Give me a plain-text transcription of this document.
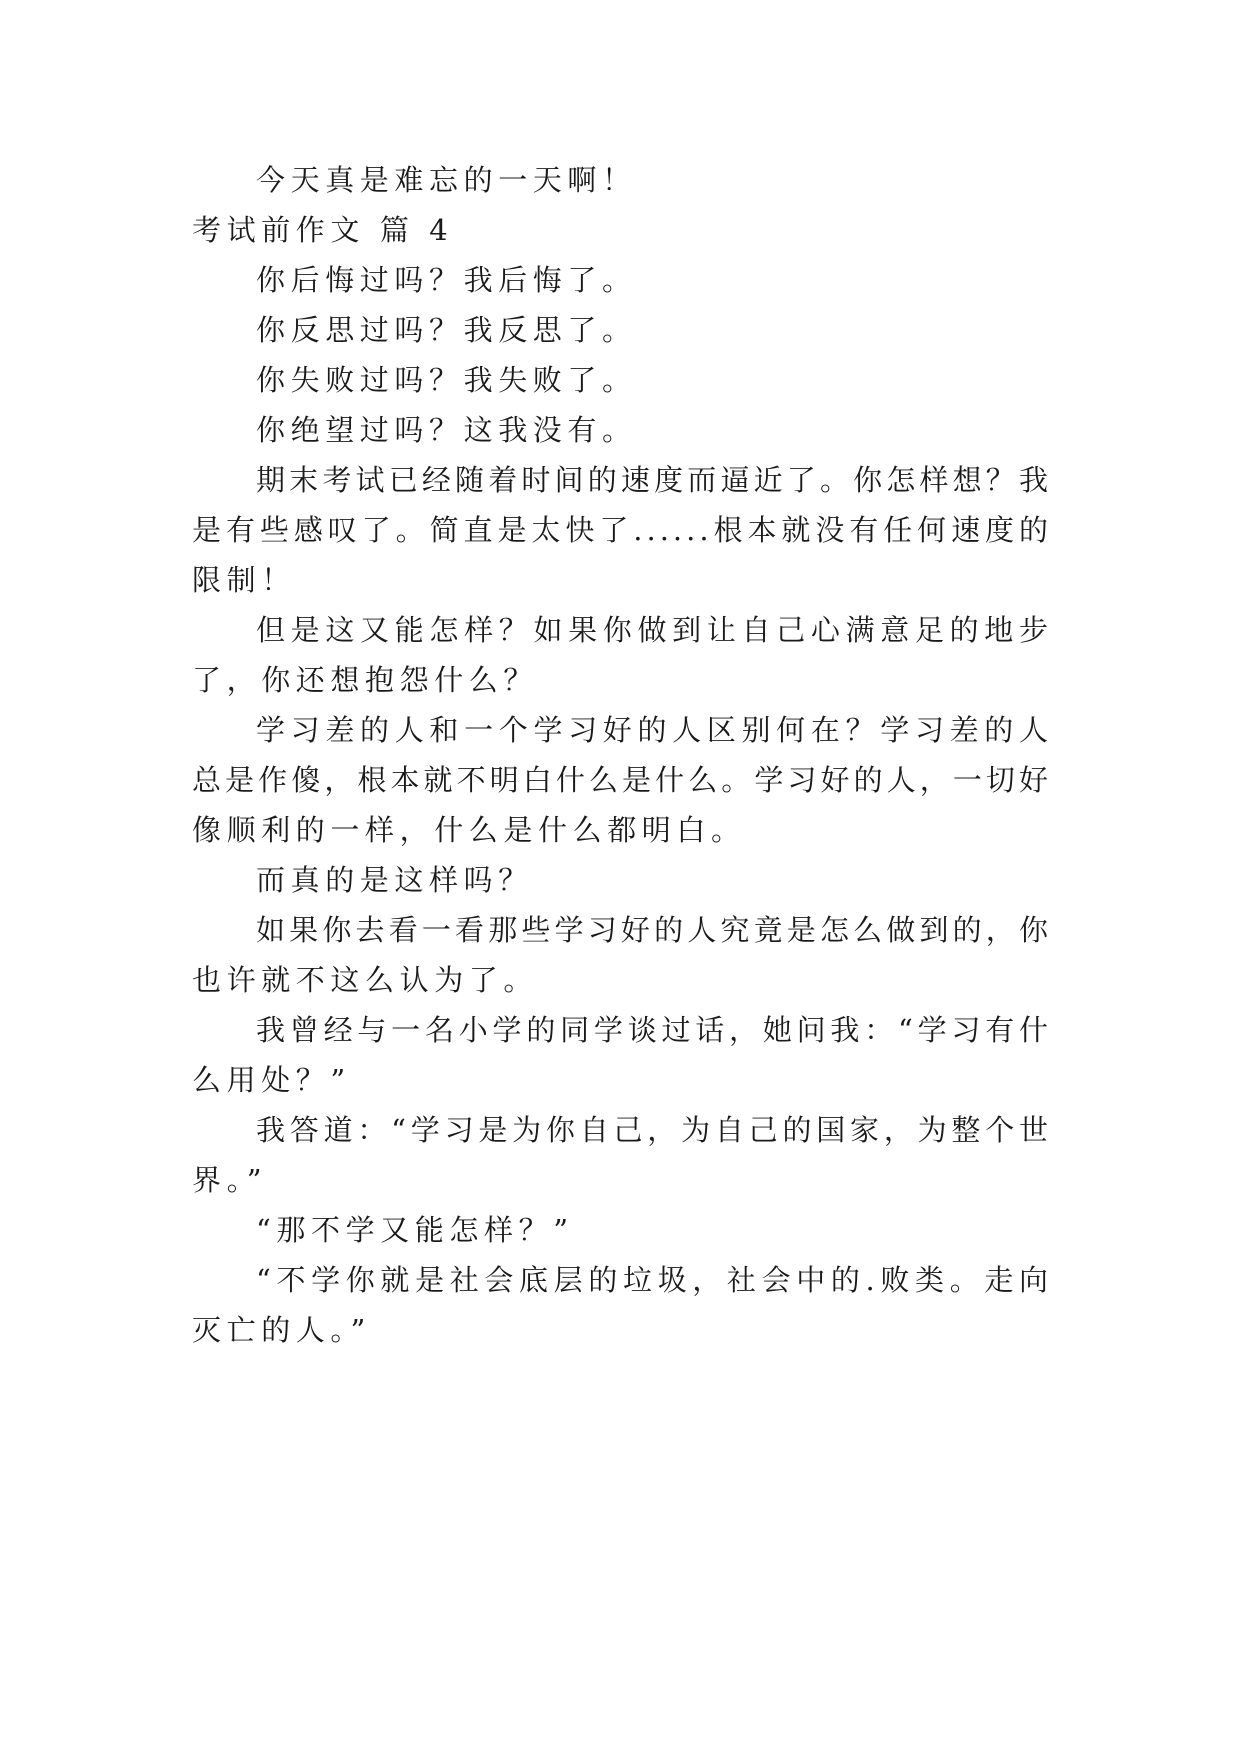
今天真是难忘的一天啊！

考试前作文 篇 4

你后悔过吗？我后悔了。

你反思过吗？我反思了。

你失败过吗？我失败了。

你绝望过吗？这我没有。

期末考试已经随着时间的速度而逼近了。你怎样想？我
是有些感叹了。简直是太快了......根本就没有任何速度的
限制！
但是这又能怎样？如果你做到让自己心满意足的地步
了，你还想抱怨什么？
学习差的人和一个学习好的人区别何在？学习差的人
总是作傻，根本就不明白什么是什么。学习好的人，一切好
像顺利的一样，什么是什么都明白。

而真的是这样吗？

如果你去看一看那些学习好的人究竟是怎么做到的，你
也许就不这么认为了。
我曾经与一名小学的同学谈过话，她问我：“学习有什
么用处？”
我答道：“学习是为你自己，为自己的国家，为整个世
界。”

“那不学又能怎样？”

“不学你就是社会底层的垃圾，社会中的.败类。走向
灭亡的人。”
